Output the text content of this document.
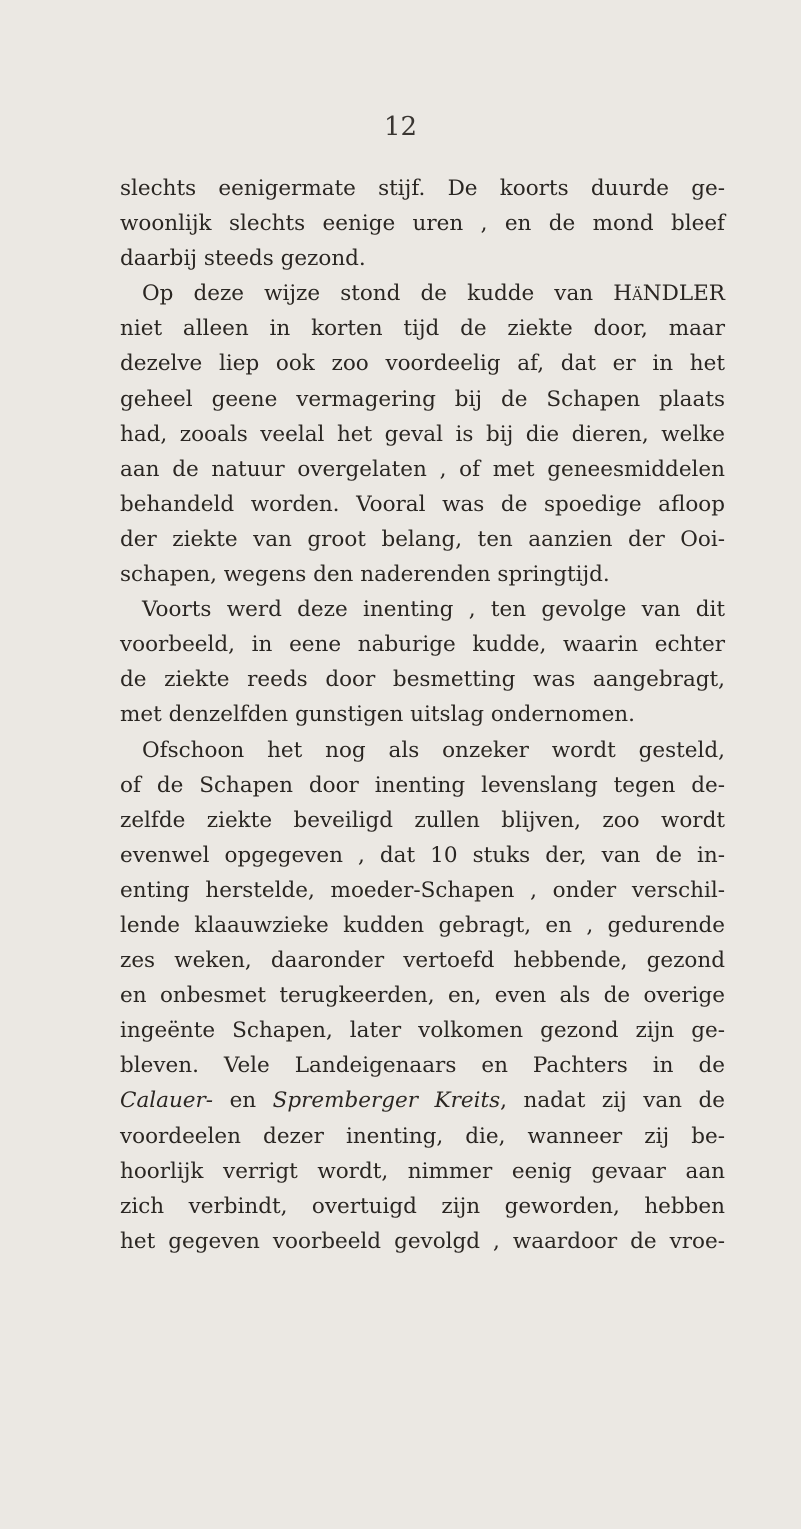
12
slechts eenigermate stijf. De koorts duurde ge-
woonlijk slechts eenige uren , en de mond bleef
daarbij steeds gezond.
Op deze wijze stond de kudde van HäNDLER
niet alleen in korten tijd de ziekte door, maar
dezelve liep ook zoo voordeelig af, dat er in het
geheel geene vermagering bij de Schapen plaats
had, zooals veelal het geval is bij die dieren, welke
aan de natuur overgelaten , of met geneesmiddelen
behandeld worden. Vooral was de spoedige afloop
der ziekte van groot belang, ten aanzien der Ooi-
schapen, wegens den naderenden springtijd.
Voorts werd deze inenting , ten gevolge van dit
voorbeeld, in eene naburige kudde, waarin echter
de ziekte reeds door besmetting was aangebragt,
met denzelfden gunstigen uitslag ondernomen.
Ofschoon het nog als onzeker wordt gesteld,
of de Schapen door inenting levenslang tegen de-
zelfde ziekte beveiligd zullen blijven, zoo wordt
evenwel opgegeven , dat 10 stuks der, van de in-
enting herstelde, moeder-Schapen , onder verschil-
lende klaauwzieke kudden gebragt, en , gedurende
zes weken, daaronder vertoefd hebbende, gezond
en onbesmet terugkeerden, en, even als de overige
ingeënte Schapen, later volkomen gezond zijn ge-
bleven. Vele Landeigenaars en Pachters in de
Calauer- en Spremberger Kreits, nadat zij van de
voordeelen dezer inenting, die, wanneer zij be-
hoorlijk verrigt wordt, nimmer eenig gevaar aan
zich verbindt, overtuigd zijn geworden, hebben
het gegeven voorbeeld gevolgd , waardoor de vroe-
